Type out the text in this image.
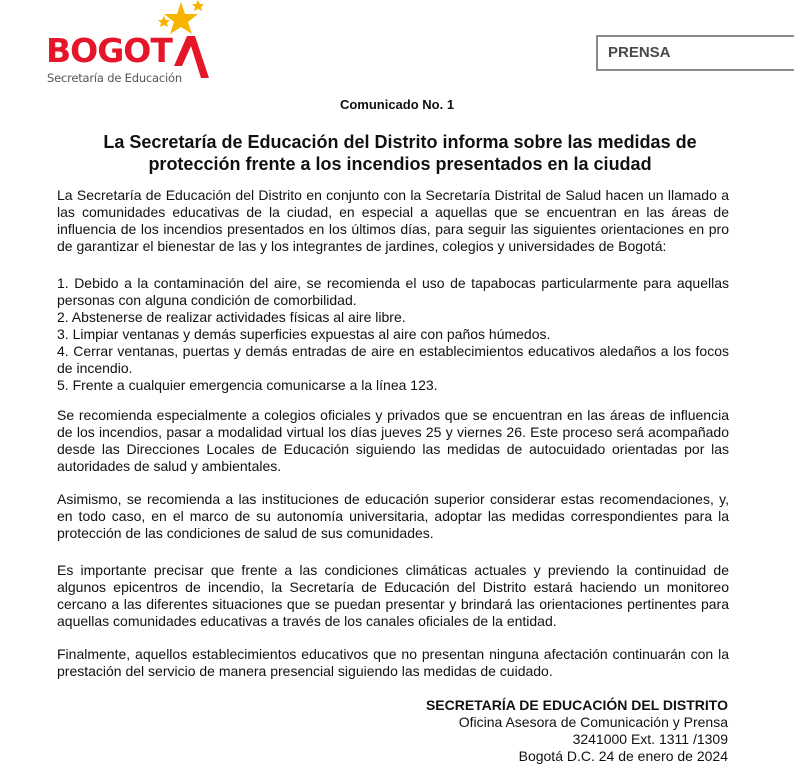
BOGOT
Secretaría de Educación
PRENSA
Comunicado No. 1
La Secretaría de Educación del Distrito informa sobre las medidas de protección frente a los incendios presentados en la ciudad

La Secretaría de Educación del Distrito en conjunto con la Secretaría Distrital de Salud hacen un llamado a las comunidades educativas de la ciudad, en especial a aquellas que se encuentran en las áreas de influencia de los incendios presentados en los últimos días, para seguir las siguientes orientaciones en pro de garantizar el bienestar de las y los integrantes de jardines, colegios y universidades de Bogotá:

1. Debido a la contaminación del aire, se recomienda el uso de tapabocas particularmente para aquellas personas con alguna condición de comorbilidad.

2. Abstenerse de realizar actividades físicas al aire libre.

3. Limpiar ventanas y demás superficies expuestas al aire con paños húmedos.

4. Cerrar ventanas, puertas y demás entradas de aire en establecimientos educativos aledaños a los focos de incendio.

5. Frente a cualquier emergencia comunicarse a la línea 123.

Se recomienda especialmente a colegios oficiales y privados que se encuentran en las áreas de influencia de los incendios, pasar a modalidad virtual los días jueves 25 y viernes 26. Este proceso será acompañado desde las Direcciones Locales de Educación siguiendo las medidas de autocuidado orientadas por las autoridades de salud y ambientales.

Asimismo, se recomienda a las instituciones de educación superior considerar estas recomendaciones, y, en todo caso, en el marco de su autonomía universitaria, adoptar las medidas correspondientes para la protección de las condiciones de salud de sus comunidades.

Es importante precisar que frente a las condiciones climáticas actuales y previendo la continuidad de algunos epicentros de incendio, la Secretaría de Educación del Distrito estará haciendo un monitoreo cercano a las diferentes situaciones que se puedan presentar y brindará las orientaciones pertinentes para aquellas comunidades educativas a través de los canales oficiales de la entidad.

Finalmente, aquellos establecimientos educativos que no presentan ninguna afectación continuarán con la prestación del servicio de manera presencial siguiendo las medidas de cuidado.

SECRETARÍA DE EDUCACIÓN DEL DISTRITO
Oficina Asesora de Comunicación y Prensa
3241000 Ext. 1311 /1309
Bogotá D.C. 24 de enero de 2024
